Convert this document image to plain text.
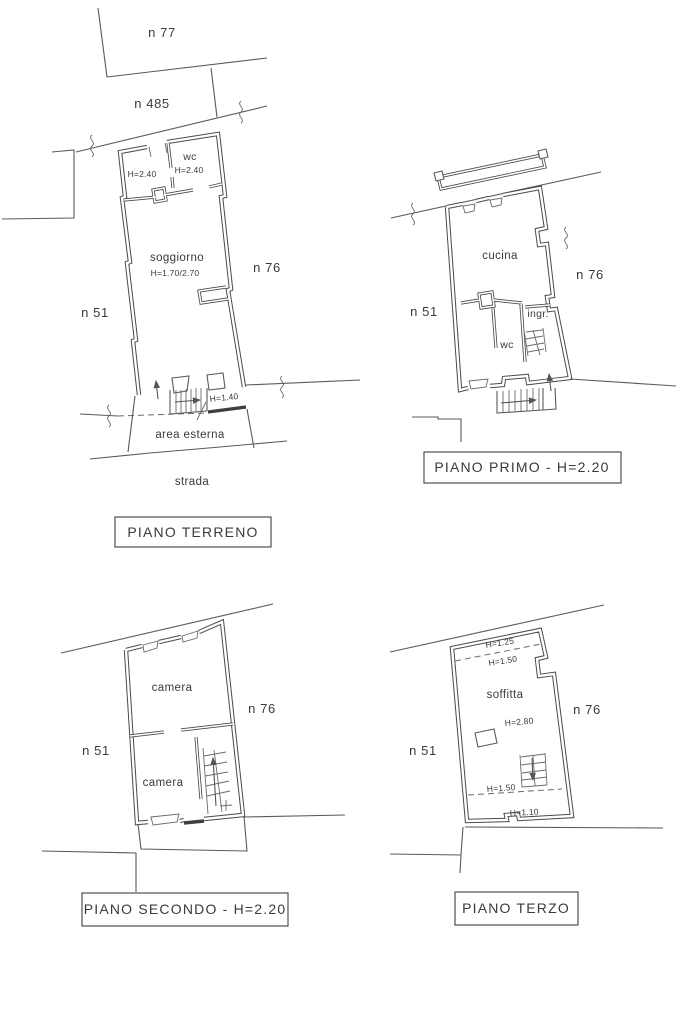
n 77
n 485
n 76
n 51
wc
H=2.40
H=2.40
soggiorno
H=1.70/2.70
H=1.40
area esterna
strada
PIANO TERRENO
cucina
ingr.
wc
n 76
n 51
PIANO PRIMO - H=2.20
camera
camera
n 76
n 51
PIANO SECONDO - H=2.20
H=1.25
H=1.50
soffitta
H=2.80
H=1.50
H=1.10
n 76
n 51
PIANO TERZO
